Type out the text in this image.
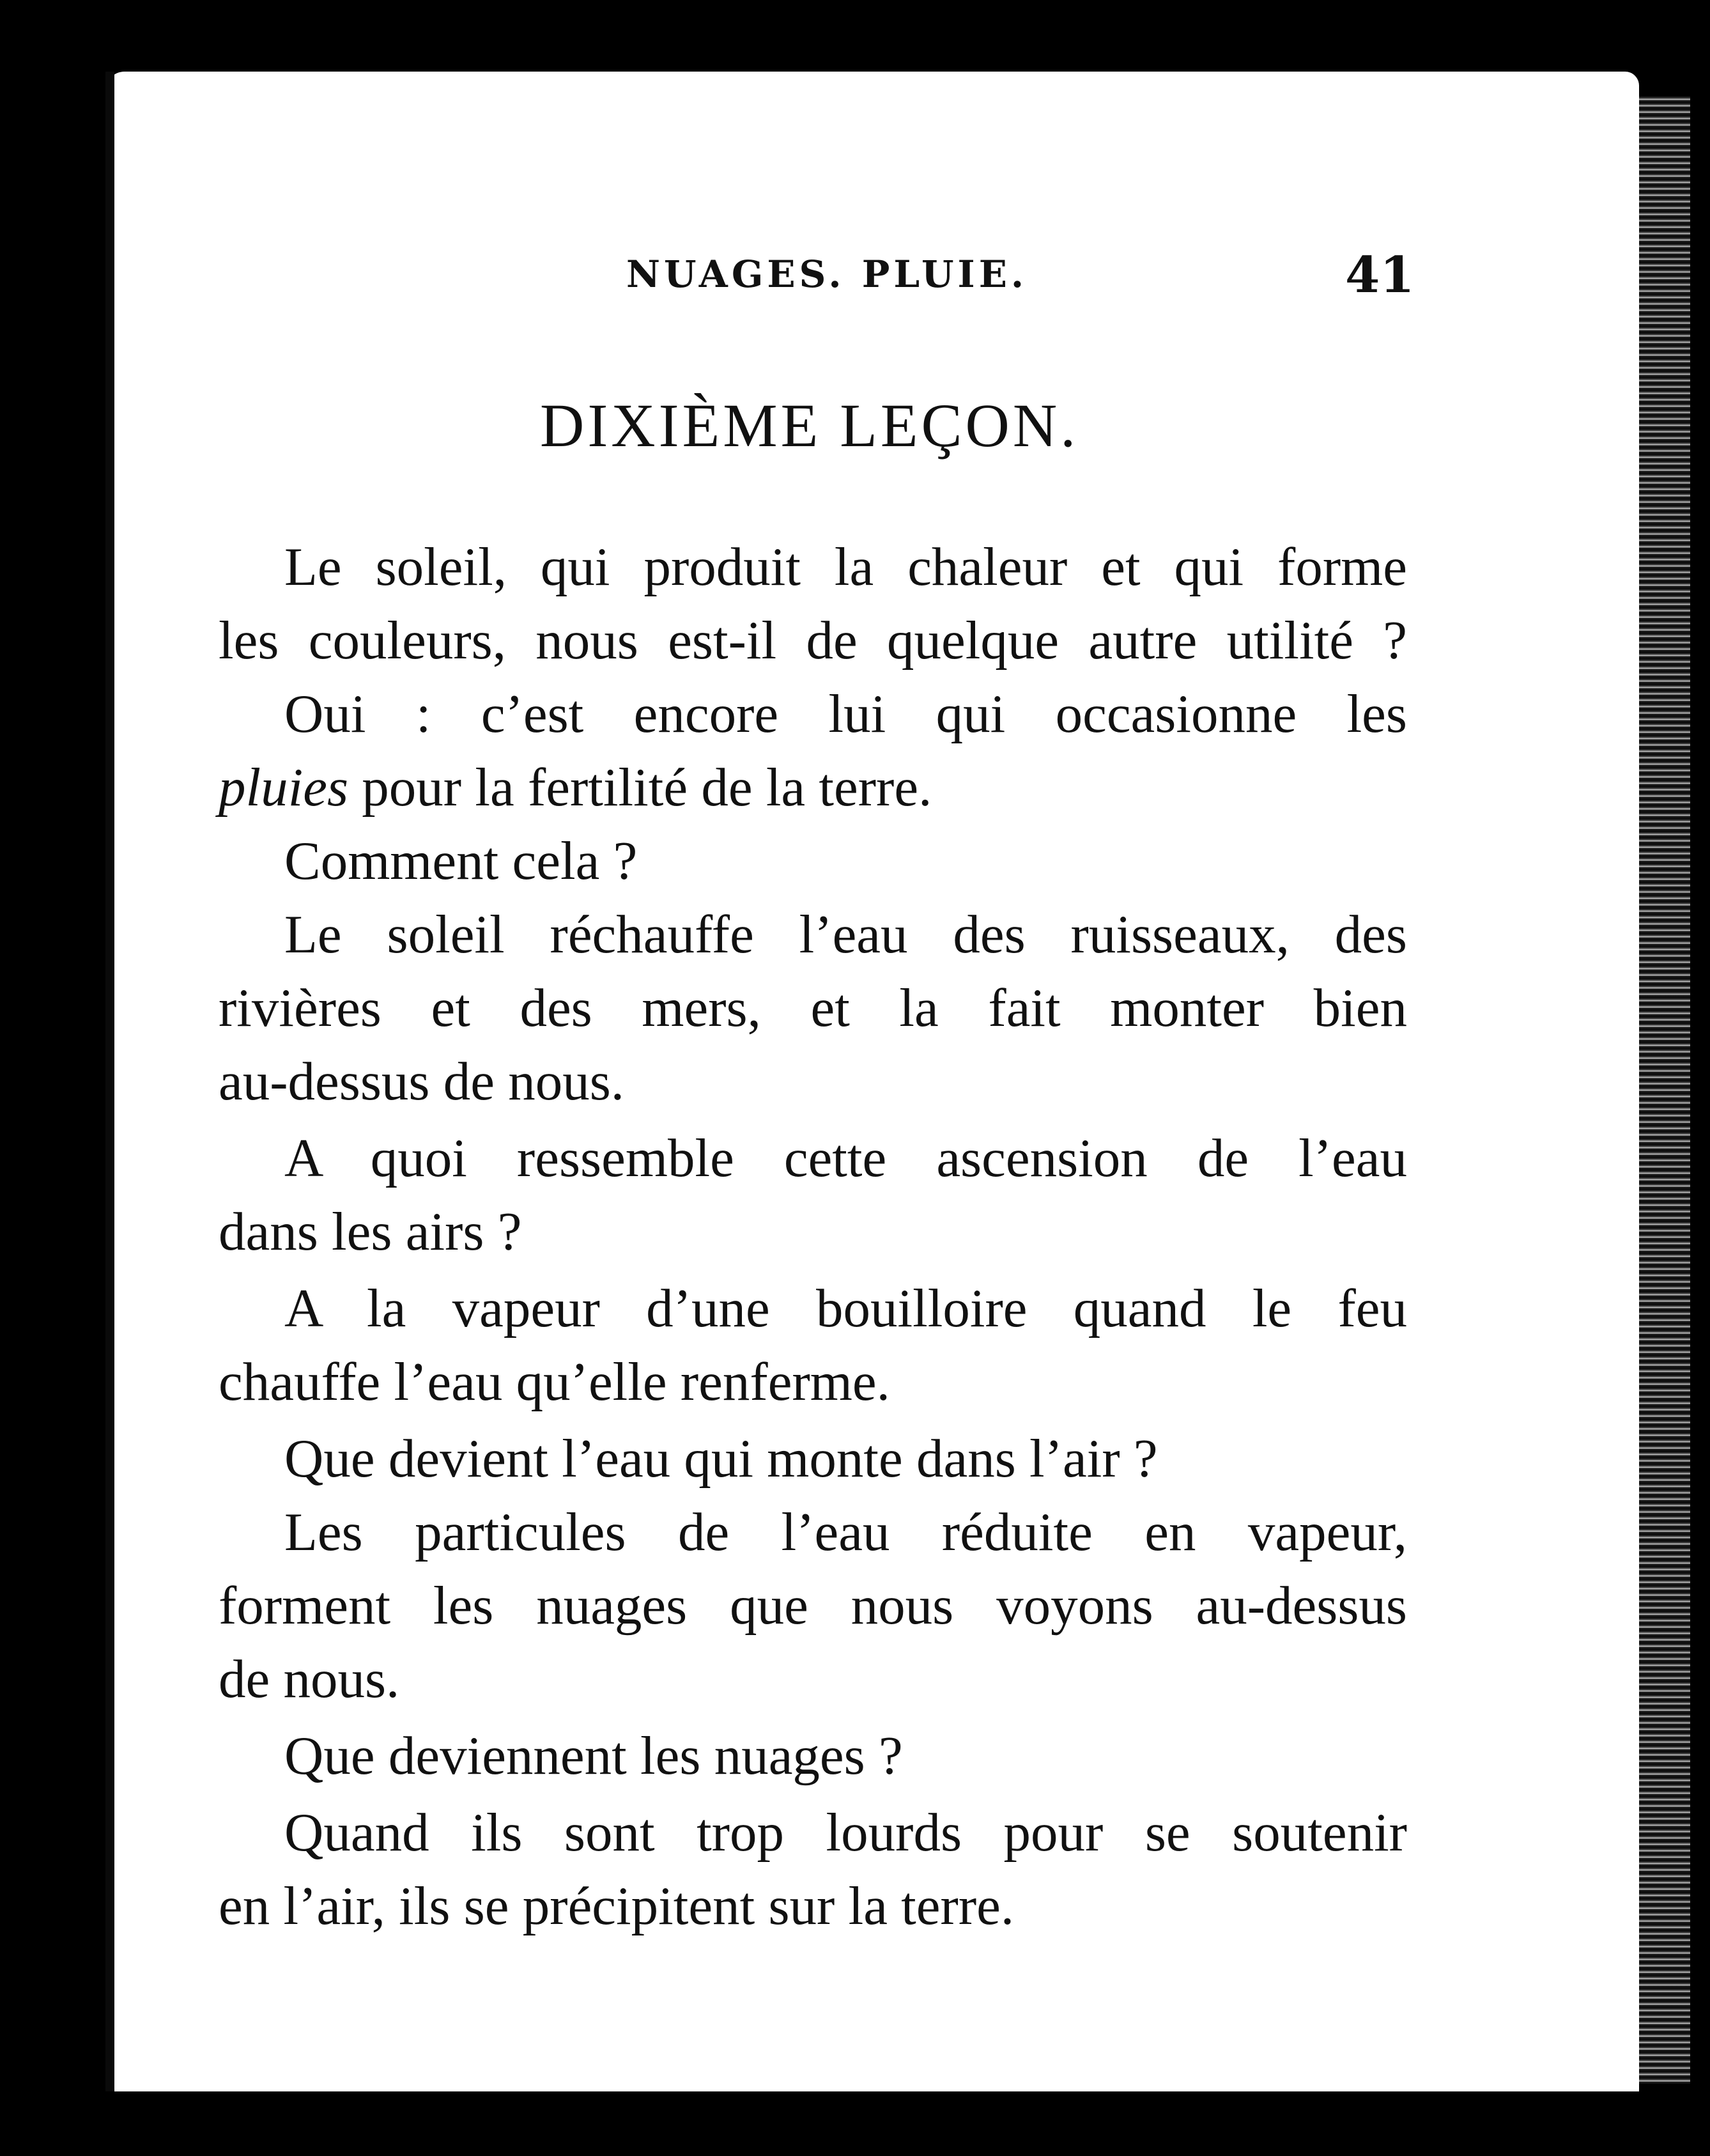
NUAGES. PLUIE.	41
DIXIÈME LEÇON.
Le soleil, qui produit la chaleur et qui forme
les couleurs, nous est-il de quelque autre utilité ?
Oui : c’est encore lui qui occasionne les
pluies pour la fertilité de la terre.
Comment cela ?
Le soleil réchauffe l’eau des ruisseaux, des
rivières et des mers, et la fait monter bien
au-dessus de nous.
A quoi ressemble cette ascension de l’eau
dans les airs ?
A la vapeur d’une bouilloire quand le feu
chauffe l’eau qu’elle renferme.
Que devient l’eau qui monte dans l’air ?
Les particules de l’eau réduite en vapeur,
forment les nuages que nous voyons au-dessus
de nous.
Que deviennent les nuages ?
Quand ils sont trop lourds pour se soutenir
en l’air, ils se précipitent sur la terre.
